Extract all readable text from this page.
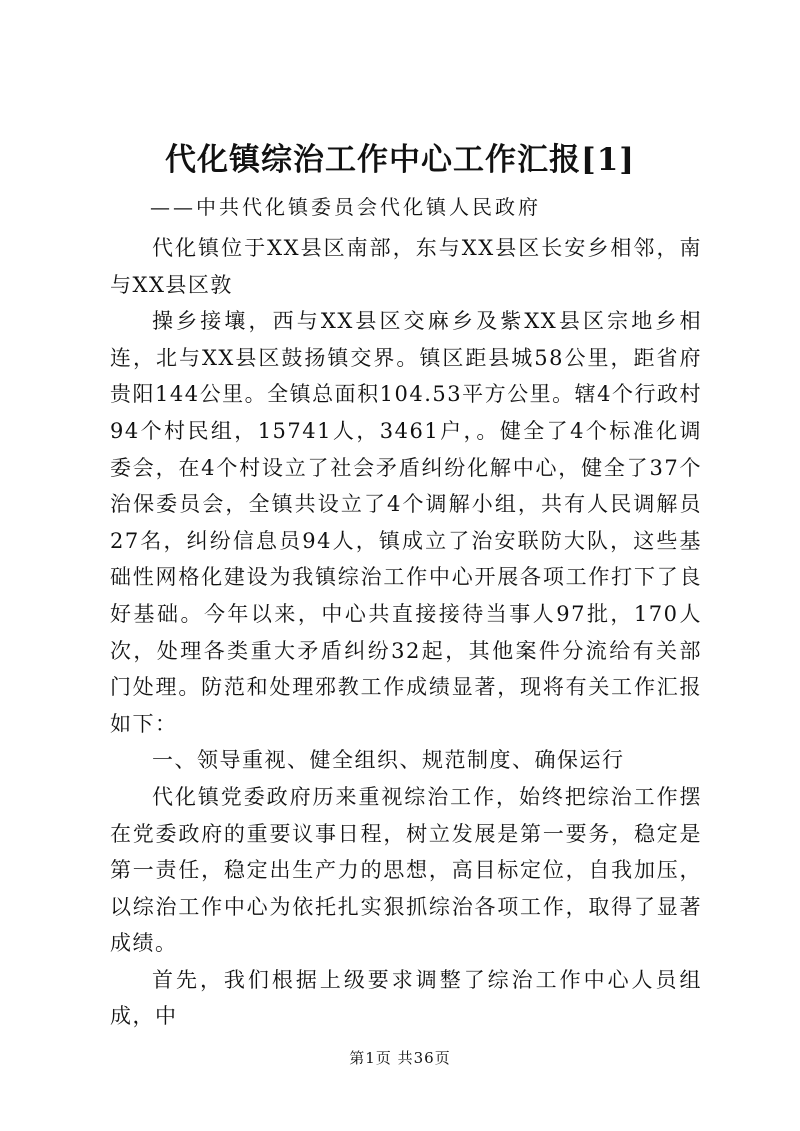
代化镇综治工作中心工作汇报[1]
——中共代化镇委员会代化镇人民政府

代化镇位于XX县区南部，东与XX县区长安乡相邻，南与XX县区敦

操乡接壤，西与XX县区交麻乡及紫XX县区宗地乡相连，北与XX县区鼓扬镇交界。镇区距县城58公里，距省府贵阳144公里。全镇总面积104.53平方公里。辖4个行政村94个村民组，15741人，3461户，。健全了4个标准化调委会，在4个村设立了社会矛盾纠纷化解中心，健全了37个治保委员会，全镇共设立了4个调解小组，共有人民调解员27名，纠纷信息员94人，镇成立了治安联防大队，这些基础性网格化建设为我镇综治工作中心开展各项工作打下了良好基础。今年以来，中心共直接接待当事人97批，170人次，处理各类重大矛盾纠纷32起，其他案件分流给有关部门处理。防范和处理邪教工作成绩显著，现将有关工作汇报如下：

一、领导重视、健全组织、规范制度、确保运行

代化镇党委政府历来重视综治工作，始终把综治工作摆在党委政府的重要议事日程，树立发展是第一要务，稳定是第一责任，稳定出生产力的思想，高目标定位，自我加压，以综治工作中心为依托扎实狠抓综治各项工作，取得了显著成绩。

首先，我们根据上级要求调整了综治工作中心人员组成，中

第1页 共36页
